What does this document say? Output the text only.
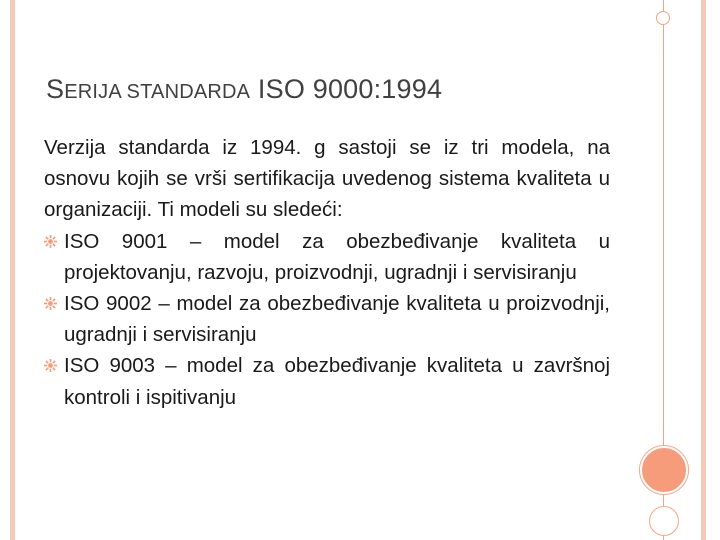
SERIJA STANDARDA ISO 9000:1994

Verzija standarda iz 1994. g sastoji se iz tri modela, na osnovu kojih se vrši sertifikacija uvedenog sistema kvaliteta u organizaciji. Ti modeli su sledeći:

ISO 9001 – model za obezbeđivanje kvaliteta u projektovanju, razvoju, proizvodnji, ugradnji i servisiranju
ISO 9002 – model za obezbeđivanje kvaliteta u proizvodnji, ugradnji i servisiranju
ISO 9003 – model za obezbeđivanje kvaliteta u završnoj kontroli i ispitivanju
